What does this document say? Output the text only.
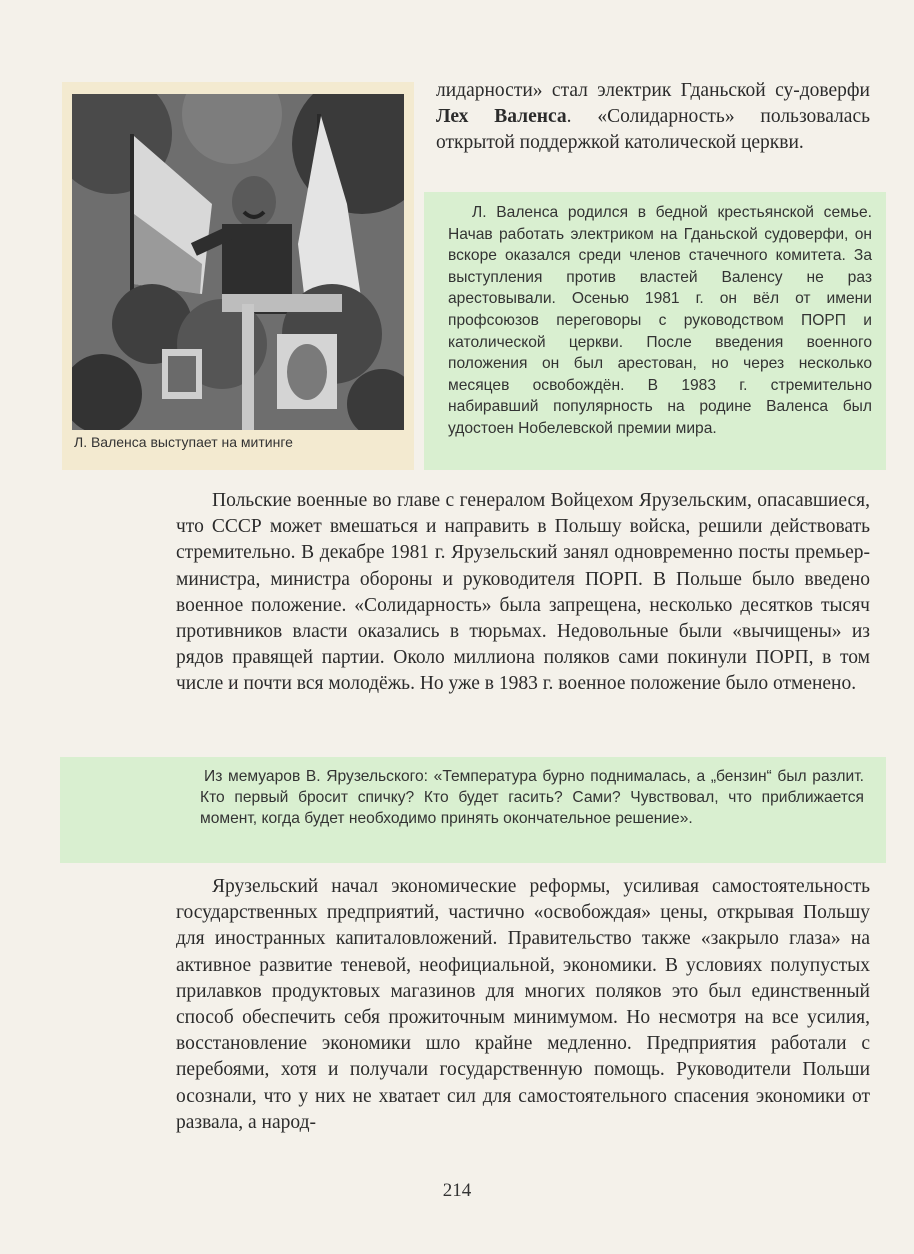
Л. Валенса выступает на митинге

лидарности» стал электрик Гданьской су-доверфи Лех Валенса. «Солидарность» пользовалась открытой поддержкой католической церкви.

Л. Валенса родился в бедной крестьянской семье. Начав работать электриком на Гданьской судоверфи, он вскоре оказался среди членов стачечного комитета. За выступления против властей Валенсу не раз арестовывали. Осенью 1981 г. он вёл от имени профсоюзов переговоры с руководством ПОРП и католической церкви. После введения военного положения он был арестован, но через несколько месяцев освобождён. В 1983 г. стремительно набиравший популярность на родине Валенса был удостоен Нобелевской премии мира.

Польские военные во главе с генералом Войцехом Ярузельским, опасавшиеся, что СССР может вмешаться и направить в Польшу войска, решили действовать стремительно. В декабре 1981 г. Ярузельский занял одновременно посты премьер-министра, министра обороны и руководителя ПОРП. В Польше было введено военное положение. «Солидарность» была запрещена, несколько десятков тысяч противников власти оказались в тюрьмах. Недовольные были «вычищены» из рядов правящей партии. Около миллиона поляков сами покинули ПОРП, в том числе и почти вся молодёжь. Но уже в 1983 г. военное положение было отменено.

Из мемуаров В. Ярузельского: «Температура бурно поднималась, а „бензин“ был разлит. Кто первый бросит спичку? Кто будет гасить? Сами? Чувствовал, что приближается момент, когда будет необходимо принять окончательное решение».

Ярузельский начал экономические реформы, усиливая самостоятельность государственных предприятий, частично «освобождая» цены, открывая Польшу для иностранных капиталовложений. Правительство также «закрыло глаза» на активное развитие теневой, неофициальной, экономики. В условиях полупустых прилавков продуктовых магазинов для многих поляков это был единственный способ обеспечить себя прожиточным минимумом. Но несмотря на все усилия, восстановление экономики шло крайне медленно. Предприятия работали с перебоями, хотя и получали государственную помощь. Руководители Польши осознали, что у них не хватает сил для самостоятельного спасения экономики от развала, а народ-

214
